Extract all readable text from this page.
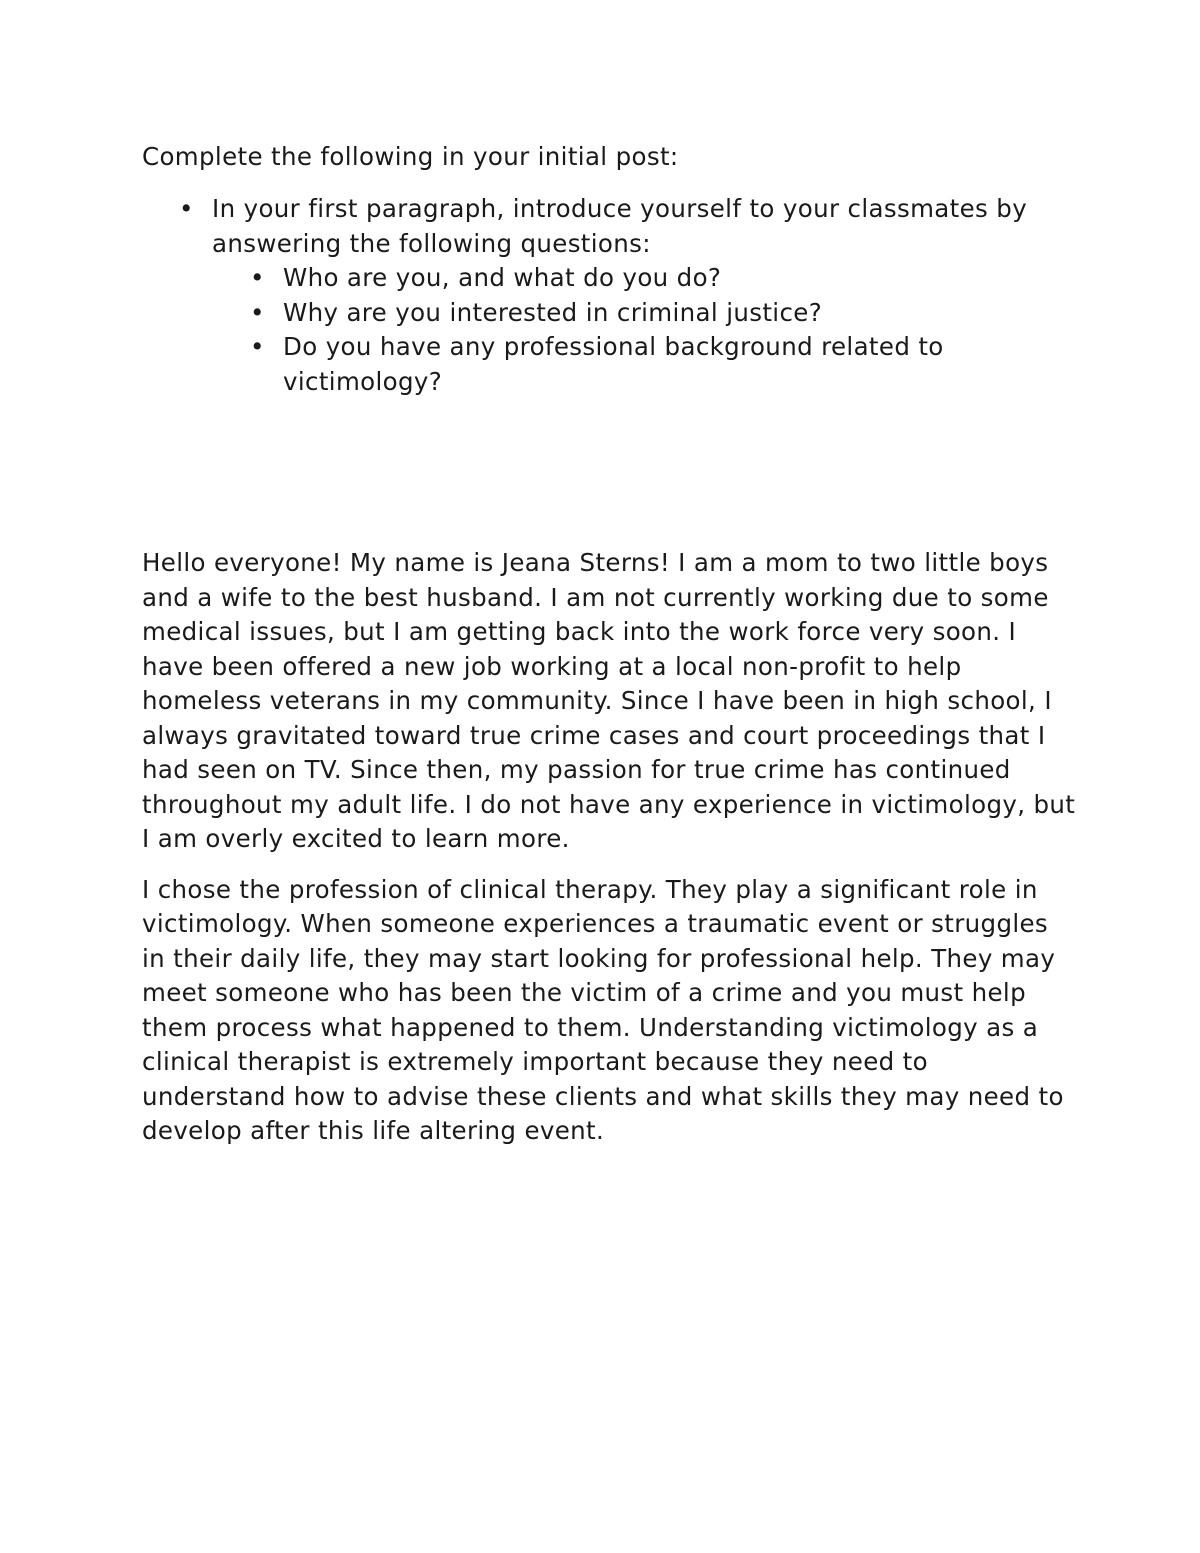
Complete the following in your initial post:

• In your first paragraph, introduce yourself to your classmates by answering the following questions:
• Who are you, and what do you do?
• Why are you interested in criminal justice?
• Do you have any professional background related to victimology?

Hello everyone! My name is Jeana Sterns! I am a mom to two little boys and a wife to the best husband. I am not currently working due to some medical issues, but I am getting back into the work force very soon. I have been offered a new job working at a local non-profit to help homeless veterans in my community. Since I have been in high school, I always gravitated toward true crime cases and court proceedings that I had seen on TV. Since then, my passion for true crime has continued throughout my adult life. I do not have any experience in victimology, but I am overly excited to learn more.

I chose the profession of clinical therapy. They play a significant role in victimology. When someone experiences a traumatic event or struggles in their daily life, they may start looking for professional help. They may meet someone who has been the victim of a crime and you must help them process what happened to them. Understanding victimology as a clinical therapist is extremely important because they need to understand how to advise these clients and what skills they may need to develop after this life altering event.
